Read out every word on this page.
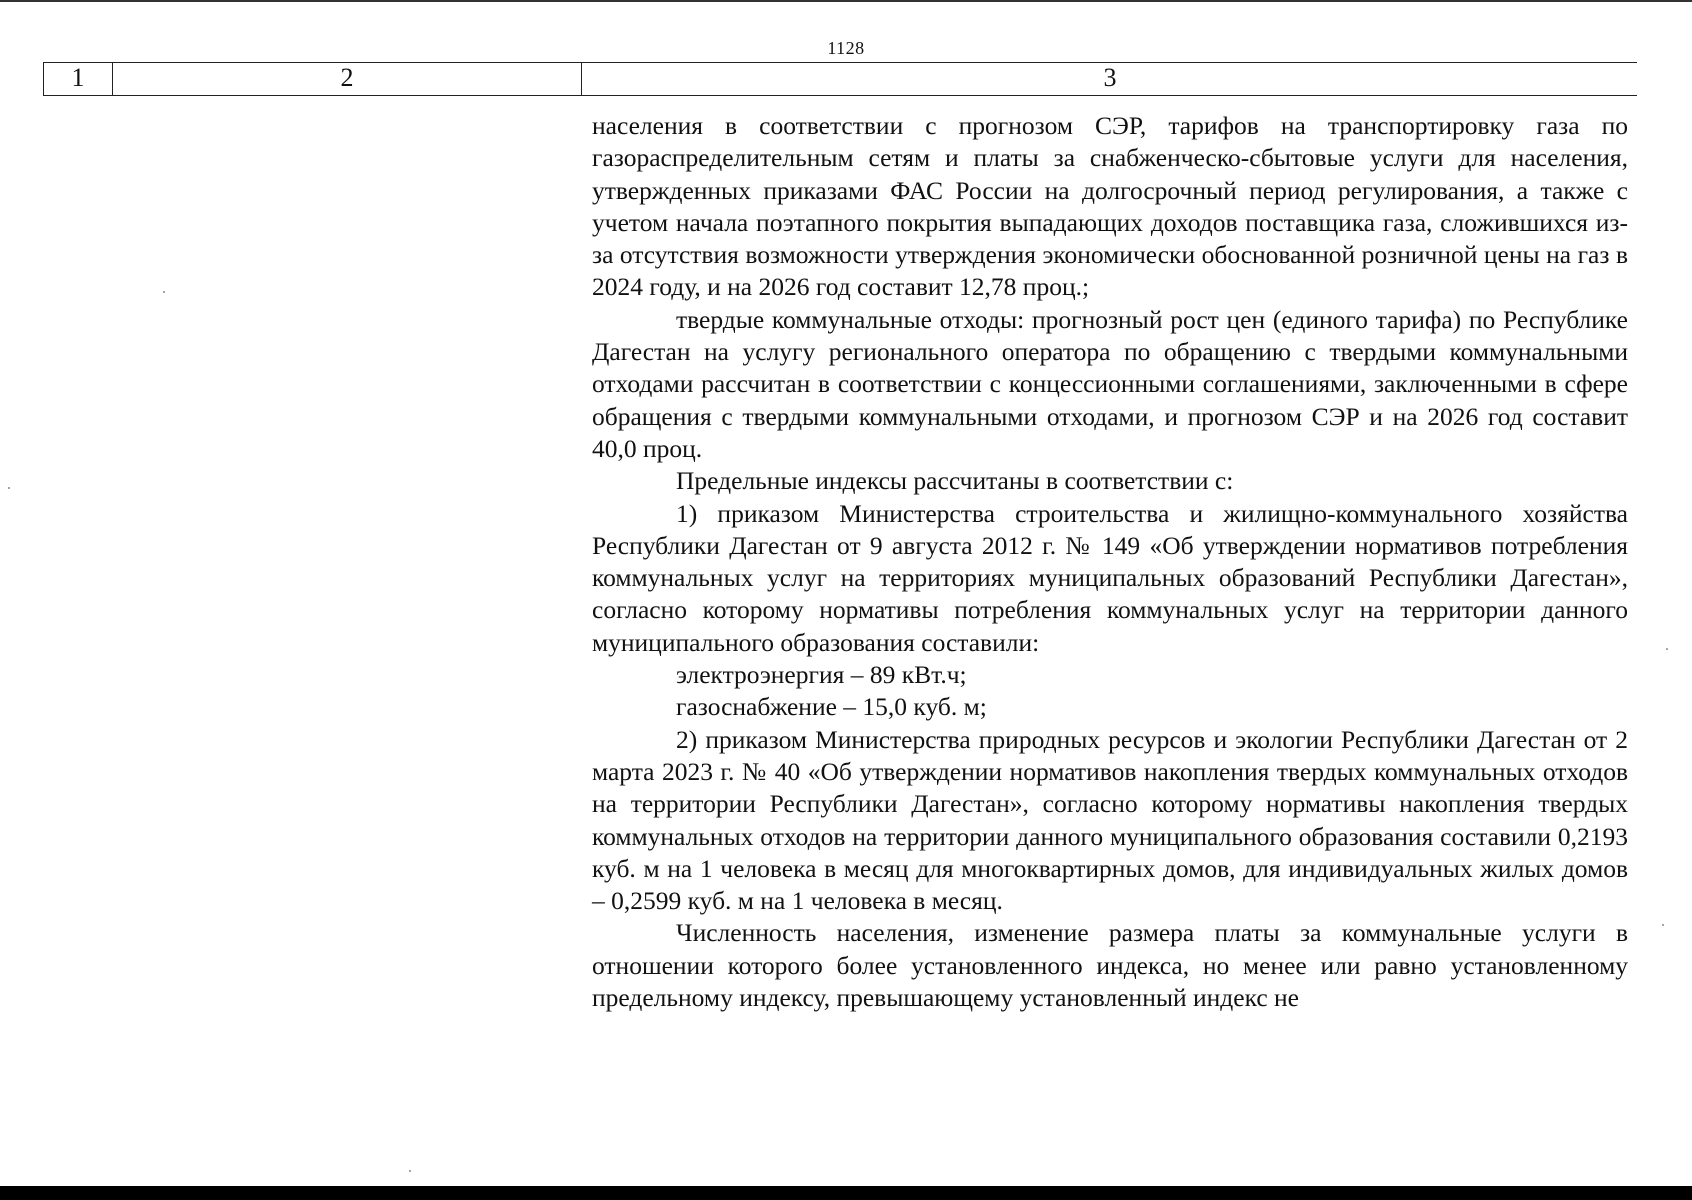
1128
1	2	3

населения в соответствии с прогнозом СЭР, тарифов на транспортировку газа по газораспределительным сетям и платы за снабженческо-сбытовые услуги для населения, утвержденных приказами ФАС России на долгосрочный период регулирования, а также с учетом начала поэтапного покрытия выпадающих доходов поставщика газа, сложившихся из-за отсутствия возможности утверждения экономически обоснованной розничной цены на газ в 2024 году, и на 2026 год составит 12,78 проц.;

твердые коммунальные отходы: прогнозный рост цен (единого тарифа) по Республике Дагестан на услугу регионального оператора по обращению с твердыми коммунальными отходами рассчитан в соответствии с концессионными соглашениями, заключенными в сфере обращения с твердыми коммунальными отходами, и прогнозом СЭР и на 2026 год составит 40,0 проц.

Предельные индексы рассчитаны в соответствии с:

1) приказом Министерства строительства и жилищно-коммунального хозяйства Республики Дагестан от 9 августа 2012 г. № 149 «Об утверждении нормативов потребления коммунальных услуг на территориях муниципальных образований Республики Дагестан», согласно которому нормативы потребления коммунальных услуг на территории данного муниципального образования составили:

электроэнергия – 89 кВт.ч;

газоснабжение – 15,0 куб. м;

2) приказом Министерства природных ресурсов и экологии Республики Дагестан от 2 марта 2023 г. № 40 «Об утверждении нормативов накопления твердых коммунальных отходов на территории Республики Дагестан», согласно которому нормативы накопления твердых коммунальных отходов на территории данного муниципального образования составили 0,2193 куб. м на 1 человека в месяц для многоквартирных домов, для индивидуальных жилых домов – 0,2599 куб. м на 1 человека в месяц.

Численность населения, изменение размера платы за коммунальные услуги в отношении которого более установленного индекса, но менее или равно установленному предельному индексу, превышающему установленный индекс не
